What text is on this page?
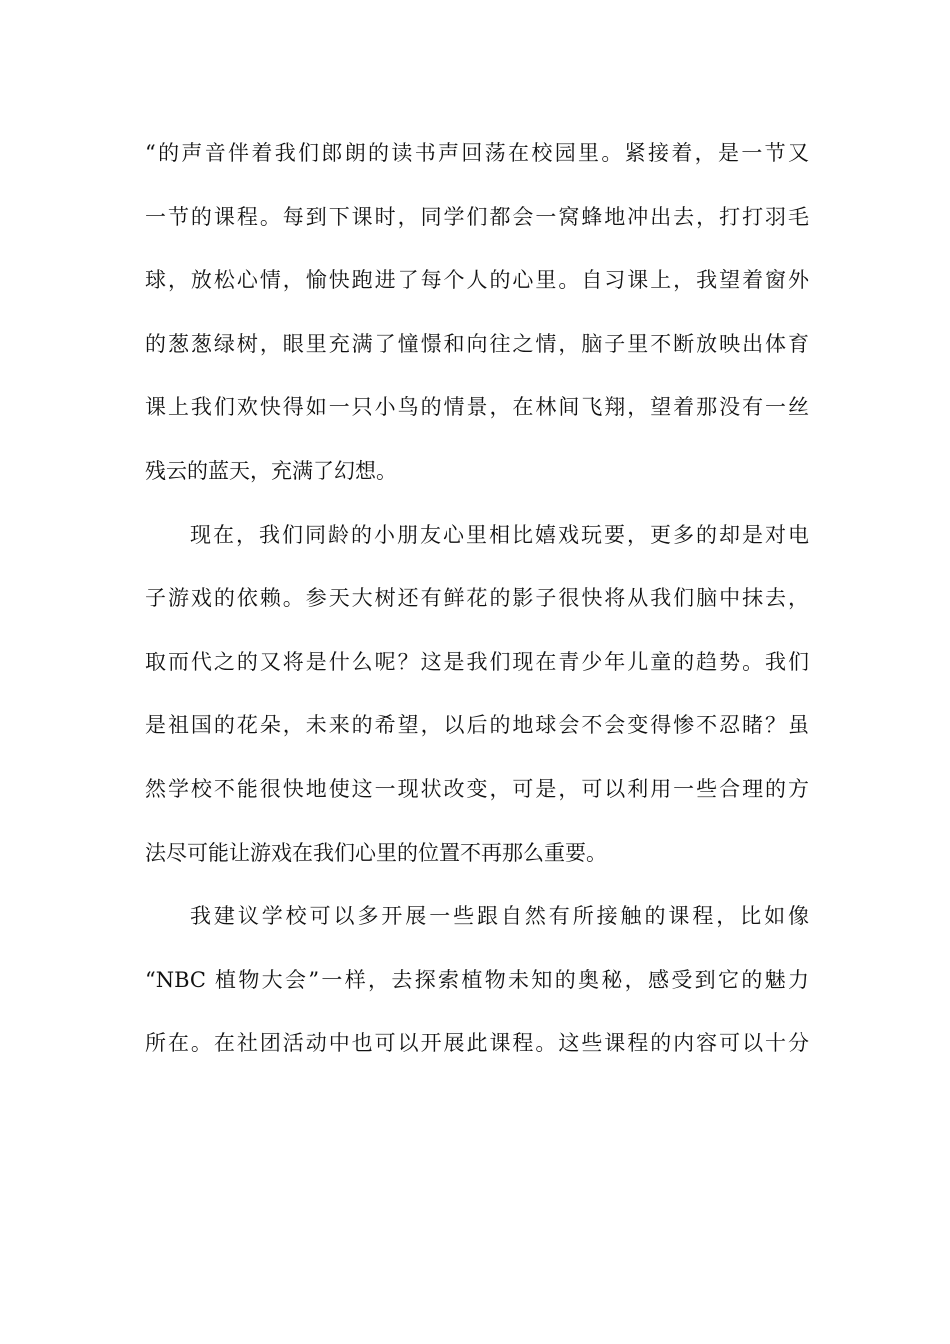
“的声音伴着我们郎朗的读书声回荡在校园里。紧接着，是一节又
一节的课程。每到下课时，同学们都会一窝蜂地冲出去，打打羽毛
球，放松心情，愉快跑进了每个人的心里。自习课上，我望着窗外
的葱葱绿树，眼里充满了憧憬和向往之情，脑子里不断放映出体育
课上我们欢快得如一只小鸟的情景，在林间飞翔，望着那没有一丝
残云的蓝天，充满了幻想。
现在，我们同龄的小朋友心里相比嬉戏玩要，更多的却是对电
子游戏的依赖。参天大树还有鲜花的影子很快将从我们脑中抹去，
取而代之的又将是什么呢？这是我们现在青少年儿童的趋势。我们
是祖国的花朵，未来的希望，以后的地球会不会变得惨不忍睹？虽
然学校不能很快地使这一现状改变，可是，可以利用一些合理的方
法尽可能让游戏在我们心里的位置不再那么重要。
我建议学校可以多开展一些跟自然有所接触的课程，比如像
“NBC 植物大会”一样，去探索植物未知的奥秘，感受到它的魅力
所在。在社团活动中也可以开展此课程。这些课程的内容可以十分
